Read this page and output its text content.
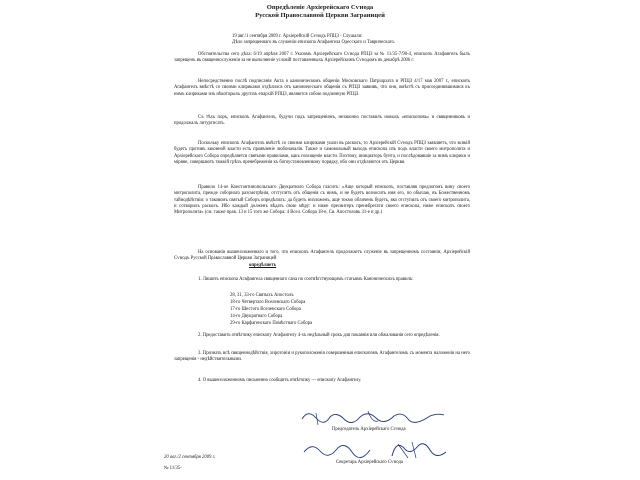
Опредѣленіе Архіерейскаго Сѵнода

Русской Православной Церкви Заграницей

19 авг./1 сентября 2009 г. Архіерейскій Сѵнодъ РПЦЗ - Слушали:

Дѣло запрещеннаго въ служеніи епископа Агафангела Одесскаго и Таврическаго.

Обстоятельства сего дѣла: 6/19 апрѣля 2007 г. Указомъ Архіерейскаго Сѵнода РПЦЗ за № 11/35-7/90-4, епископъ Агафангелъ былъ запрещенъ въ священнослуженіи за не выполненіе условій поставленныхъ Архіерейскимъ Сѵнодомъ въ декабрѣ 2006 г.

Непосредственно послѣ подписанія Акта о каноническомъ общеніи Московскаго Патріархата и РПЦЗ 4/17 мая 2007 г., епископъ Агафангелъ вмѣстѣ со своими клириками отдѣлился отъ каноническаго общенія съ РПЦЗ заявивъ, что они, вмѣстѣ съ присоединившимися къ нимъ клириками изъ нѣкоторыхъ другихъ епархій РПЦЗ, являются собою подлинную РПЦЗ.

Съ тѣхъ поръ, епископъ Агафангелъ, будучи подъ запрещеніемъ, незаконно поставилъ новыхъ «епископовъ» и священниковъ и продолжалъ литургисать.

Поскольку епископъ Агафангелъ вмѣстѣ со своими клириками ушли въ расколъ, то Архіерейскій Сѵнодъ РПЦЗ заявляетъ, что всякій будетъ противъ законной власти есть проявленіе любоначалія. Также и самовольный выходъ епископа изъ подъ власти своего митрополита и Архіерейскаго Собора опредѣляется святыми правилами, какъ похищеніе власти. Поэтому, инициаторъ бунта, и послѣдовавшіе за нимъ клирики и міряне, совершаютъ тяжкій грѣхъ пренебреженія къ богоустановленному порядку, ибо они отдѣляются отъ Церкви.

Правило 14-ое Константинопольскаго Двукратнаго Собора гласитъ: «Аще который епископъ, поставляя предлогомъ вину своего митрополита, прежде соборнаго разсмотрѣнія, отступитъ отъ общенія съ нимъ, и не будетъ возносить имя его, по обычаю, въ Божественномъ тайнодѣйствіи: о таковомъ святый Соборъ опредѣлилъ: да будетъ низложенъ, аще токмо обличенъ будетъ, яко отступилъ отъ своего митрополита, и сотворилъ расколъ. Ибо каждый долженъ вѣдать свою мѣру: и ниже пресвитеръ пренебрегати своего епископа, ниже епископъ своего Митрополита» (см. также прав. 13 и 15 того же Собора: 4 Всел. Собора 18-е, Св. Апостоловъ 31-е и др.)

На основаніи вышеизложеннаго и того, что епископъ Агафангелъ продолжаетъ служеніе въ запрещенномъ состояніи, Архіерейскій Сѵнодъ Русской Православной Церкви Заграницей

опредѣляетъ

1. Лишить епископа Агафангела священнаго сана по соотвѣтствующимъ статьямъ Каноническихъ правилъ:

28, 31, 33-го Святыхъ Апостолъ

18-го Четвертаго Вселенскаго Собора

17-го Шестого Вселенскаго Собора

14-го Двукратнаго Собора

29-го Карфагенскаго Помѣстнаго Собора

2. Предоставить отвѣтчику епископу Агафангелу 4-хъ недѣльный срокъ для покаянія или обжалованія сего опредѣленія.

3. Признать всѣ священнодѣйствія, хиротоніи и рукоположенія совершенныя епископомъ Агафангеломъ съ момента наложенія на него запрещенія - недѣйствительными.

4. О вышеизложенномъ письменно сообщить отвѣтчику — епископу Агафангелу.

Председатель Архіерейскаго Сѵнода

Секретарь Архіерейскаго Сѵнода

20 авг./2 сентября 2009 г.

№ 11/35-
